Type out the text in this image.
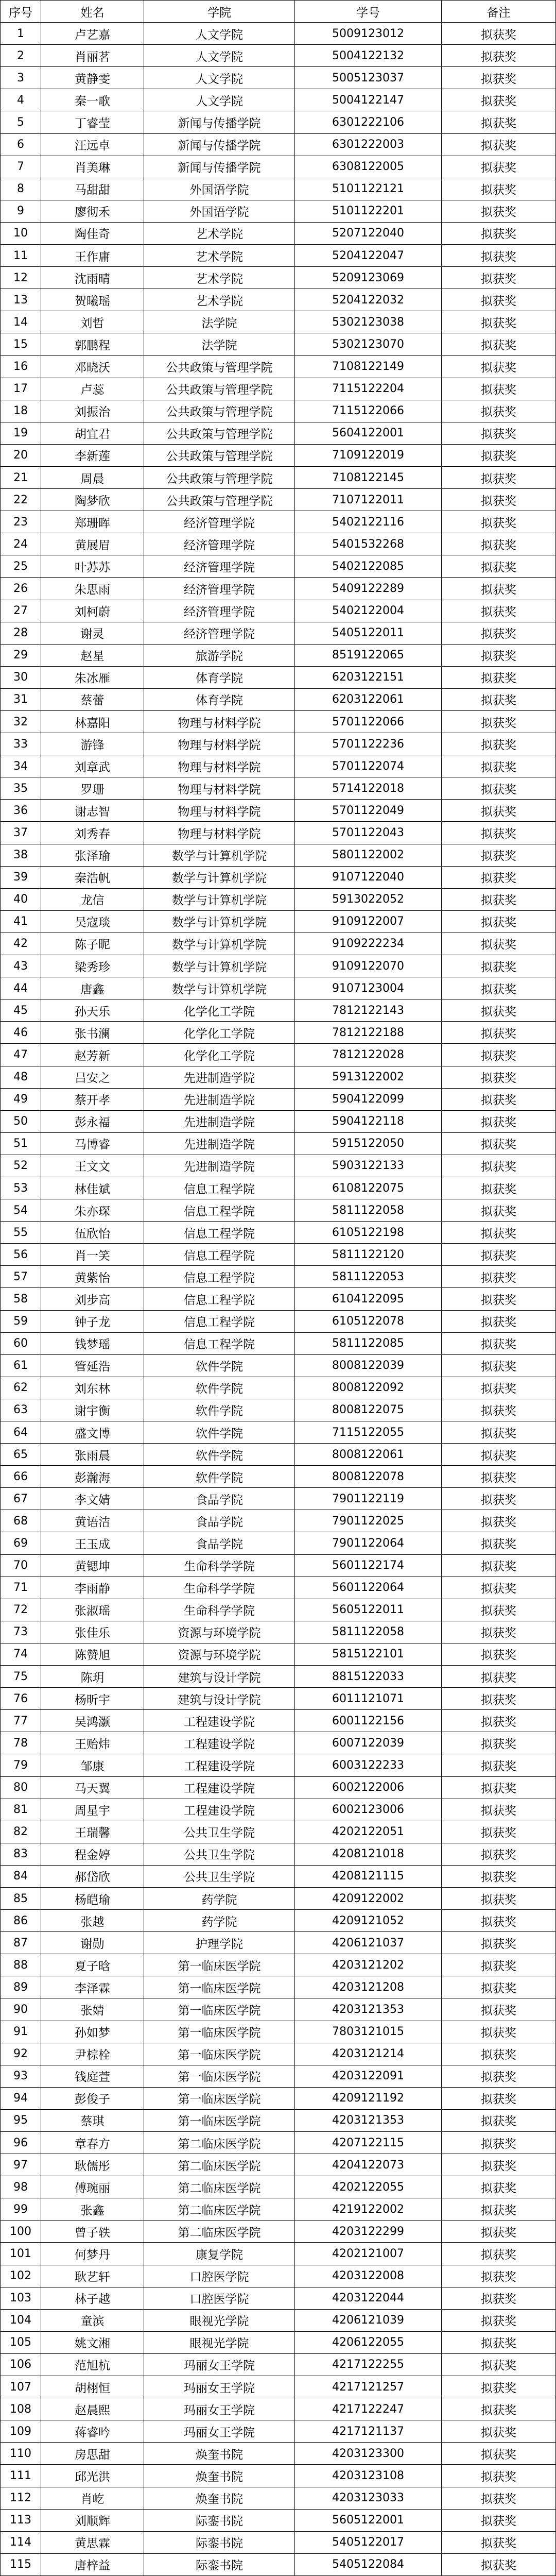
序号	姓名	学院	学号	备注
1	卢艺嘉	人文学院	5009123012	拟获奖
2	肖丽茗	人文学院	5004122132	拟获奖
3	黄静雯	人文学院	5005123037	拟获奖
4	秦一歌	人文学院	5004122147	拟获奖
5	丁睿莹	新闻与传播学院	6301222106	拟获奖
6	汪远卓	新闻与传播学院	6301222003	拟获奖
7	肖美琳	新闻与传播学院	6308122005	拟获奖
8	马甜甜	外国语学院	5101122121	拟获奖
9	廖彻禾	外国语学院	5101122201	拟获奖
10	陶佳奇	艺术学院	5207122040	拟获奖
11	王作庸	艺术学院	5204122047	拟获奖
12	沈雨晴	艺术学院	5209123069	拟获奖
13	贺曦瑶	艺术学院	5204122032	拟获奖
14	刘哲	法学院	5302123038	拟获奖
15	郭鹏程	法学院	5302123070	拟获奖
16	邓晓沃	公共政策与管理学院	7108122149	拟获奖
17	卢蕊	公共政策与管理学院	7115122204	拟获奖
18	刘振治	公共政策与管理学院	7115122066	拟获奖
19	胡宜君	公共政策与管理学院	5604122001	拟获奖
20	李新莲	公共政策与管理学院	7109122019	拟获奖
21	周晨	公共政策与管理学院	7108122145	拟获奖
22	陶梦欣	公共政策与管理学院	7107122011	拟获奖
23	郑珊晖	经济管理学院	5402122116	拟获奖
24	黄展眉	经济管理学院	5401532268	拟获奖
25	叶苏苏	经济管理学院	5402122085	拟获奖
26	朱思雨	经济管理学院	5409122289	拟获奖
27	刘柯蔚	经济管理学院	5402122004	拟获奖
28	谢灵	经济管理学院	5405122011	拟获奖
29	赵星	旅游学院	8519122065	拟获奖
30	朱冰雁	体育学院	6203122151	拟获奖
31	蔡蕾	体育学院	6203122061	拟获奖
32	林嘉阳	物理与材料学院	5701122066	拟获奖
33	游锋	物理与材料学院	5701122236	拟获奖
34	刘章武	物理与材料学院	5701122074	拟获奖
35	罗珊	物理与材料学院	5714122018	拟获奖
36	谢志智	物理与材料学院	5701122049	拟获奖
37	刘秀春	物理与材料学院	5701122043	拟获奖
38	张泽瑜	数学与计算机学院	5801122002	拟获奖
39	秦浩帆	数学与计算机学院	9107122040	拟获奖
40	龙信	数学与计算机学院	5913022052	拟获奖
41	吴寇琰	数学与计算机学院	9109122007	拟获奖
42	陈子昵	数学与计算机学院	9109222234	拟获奖
43	梁秀珍	数学与计算机学院	9109122070	拟获奖
44	唐鑫	数学与计算机学院	9107123004	拟获奖
45	孙天乐	化学化工学院	7812122143	拟获奖
46	张书澜	化学化工学院	7812122188	拟获奖
47	赵芳新	化学化工学院	7812122028	拟获奖
48	吕安之	先进制造学院	5913122002	拟获奖
49	蔡开孝	先进制造学院	5904122099	拟获奖
50	彭永福	先进制造学院	5904122118	拟获奖
51	马博睿	先进制造学院	5915122050	拟获奖
52	王文文	先进制造学院	5903122133	拟获奖
53	林佳斌	信息工程学院	6108122075	拟获奖
54	朱亦琛	信息工程学院	5811122058	拟获奖
55	伍欣怡	信息工程学院	6105122198	拟获奖
56	肖一笑	信息工程学院	5811122120	拟获奖
57	黄紫怡	信息工程学院	5811122053	拟获奖
58	刘步高	信息工程学院	6104122095	拟获奖
59	钟子龙	信息工程学院	6105122078	拟获奖
60	钱梦瑶	信息工程学院	5811122085	拟获奖
61	管延浩	软件学院	8008122039	拟获奖
62	刘东林	软件学院	8008122092	拟获奖
63	谢宇衡	软件学院	8008122075	拟获奖
64	盛文博	软件学院	7115122055	拟获奖
65	张雨晨	软件学院	8008122061	拟获奖
66	彭瀚海	软件学院	8008122078	拟获奖
67	李文婧	食品学院	7901122119	拟获奖
68	黄语洁	食品学院	7901122025	拟获奖
69	王玉成	食品学院	7901122064	拟获奖
70	黄锶坤	生命科学学院	5601122174	拟获奖
71	李雨静	生命科学学院	5601122064	拟获奖
72	张淑瑶	生命科学学院	5605122011	拟获奖
73	张佳乐	资源与环境学院	5811122058	拟获奖
74	陈赞旭	资源与环境学院	5815122101	拟获奖
75	陈玥	建筑与设计学院	8815122033	拟获奖
76	杨昕宇	建筑与设计学院	6011121071	拟获奖
77	吴鸿灏	工程建设学院	6001122156	拟获奖
78	王贻炜	工程建设学院	6007122039	拟获奖
79	邹康	工程建设学院	6003122233	拟获奖
80	马天翼	工程建设学院	6002122006	拟获奖
81	周星宇	工程建设学院	6002123006	拟获奖
82	王瑞馨	公共卫生学院	4202122051	拟获奖
83	程金婷	公共卫生学院	4208121018	拟获奖
84	郝岱欣	公共卫生学院	4208121115	拟获奖
85	杨皑瑜	药学院	4209122002	拟获奖
86	张越	药学院	4209121052	拟获奖
87	谢勋	护理学院	4206121037	拟获奖
88	夏子晗	第一临床医学院	4203121202	拟获奖
89	李泽霖	第一临床医学院	4203121208	拟获奖
90	张婧	第一临床医学院	4203121353	拟获奖
91	孙如梦	第一临床医学院	7803121015	拟获奖
92	尹棕栓	第一临床医学院	4203121214	拟获奖
93	钱庭萱	第一临床医学院	4203122091	拟获奖
94	彭俊子	第一临床医学院	4209121192	拟获奖
95	蔡琪	第一临床医学院	4203121353	拟获奖
96	章春方	第二临床医学院	4207122115	拟获奖
97	耿儒彤	第二临床医学院	4204122073	拟获奖
98	傅琬丽	第二临床医学院	4202122055	拟获奖
99	张鑫	第二临床医学院	4219122002	拟获奖
100	曾子轶	第二临床医学院	4203122299	拟获奖
101	何梦丹	康复学院	4202121007	拟获奖
102	耿艺轩	口腔医学院	4203122008	拟获奖
103	林子越	口腔医学院	4203122044	拟获奖
104	童滨	眼视光学院	4206121039	拟获奖
105	姚文湘	眼视光学院	4206122055	拟获奖
106	范旭杭	玛丽女王学院	4217122255	拟获奖
107	胡栩恒	玛丽女王学院	4217121257	拟获奖
108	赵晨熙	玛丽女王学院	4217122247	拟获奖
109	蒋睿吟	玛丽女王学院	4217121137	拟获奖
110	房思甜	焕奎书院	4203123300	拟获奖
111	邱光洪	焕奎书院	4203123108	拟获奖
112	肖屹	焕奎书院	4203123033	拟获奖
113	刘顺辉	际銮书院	5605122001	拟获奖
114	黄思霖	际銮书院	5405122017	拟获奖
115	唐梓益	际銮书院	5405122084	拟获奖
